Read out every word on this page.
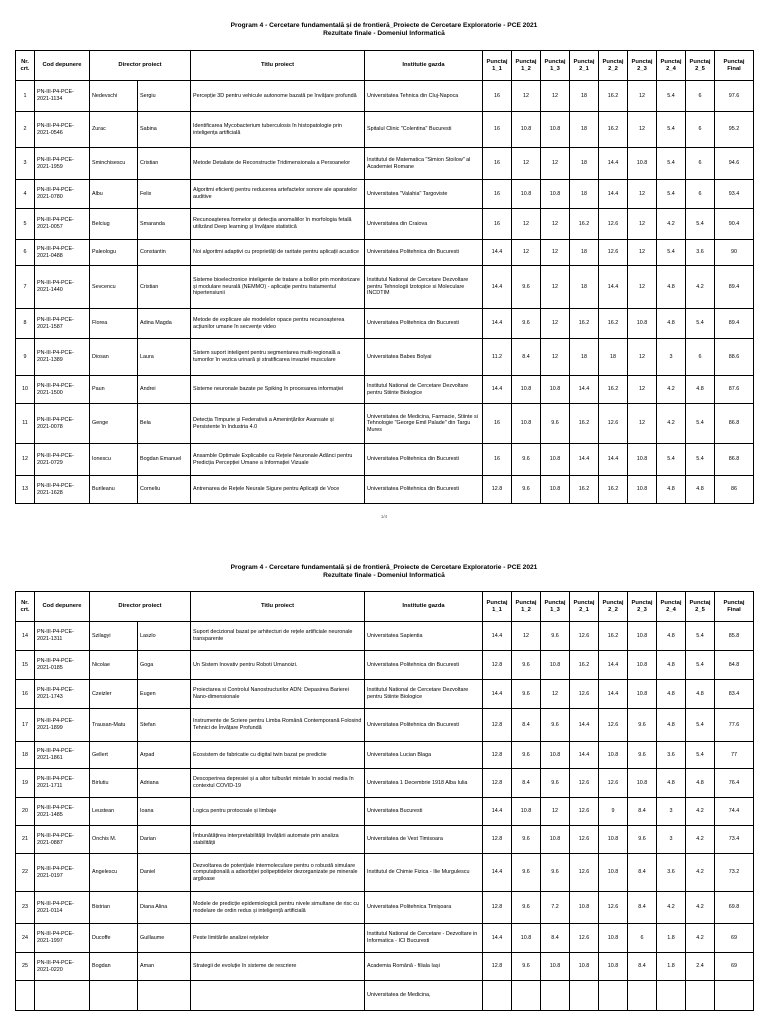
Program 4 - Cercetare fundamentală și de frontieră_Proiecte de Cercetare Exploratorie - PCE 2021
Rezultate finale - Domeniul Informatică
Nr. crt.	Cod depunere	Director proiect		Titlu proiect	Institutie gazda	Punctaj 1_1	Punctaj 1_2	Punctaj 1_3	Punctaj 2_1	Punctaj 2_2	Punctaj 2_3	Punctaj 2_4	Punctaj 2_5	Punctaj Final
1	PN-III-P4-PCE-2021-1134	Nedevschi	Sergiu	Percepție 3D pentru vehicule autonome bazată pe învățare profundă	Universitatea Tehnica din Cluj-Napoca	16	12	12	18	16.2	12	5.4	6	97.6
2	PN-III-P4-PCE-2021-0546	Zurac	Sabina	Identificarea Mycobacterium tuberculosis în histopatologie prin inteligența artificială	Spitalul Clinic "Colentina" Bucuresti	16	10.8	10.8	18	16.2	12	5.4	6	95.2
3	PN-III-P4-PCE-2021-1959	Sminchisescu	Cristian	Metode Detaliate de Reconstructie Tridimensionala a Persoanelor	Institutul de Matematica "Simion Stoilow" al Academiei Romane	16	12	12	18	14.4	10.8	5.4	6	94.6
4	PN-III-P4-PCE-2021-0780	Albu	Felix	Algoritmi eficienți pentru reducerea artefactelor sonore ale aparatelor auditive	Universitatea "Valahia" Targoviste	16	10.8	10.8	18	14.4	12	5.4	6	93.4
5	PN-III-P4-PCE-2021-0057	Belciug	Smaranda	Recunoașterea formelor și detecția anomaliilor în morfologia fetală utilizând Deep learning și învățare statistică	Universitatea din Craiova	16	12	12	16.2	12.6	12	4.2	5.4	90.4
6	PN-III-P4-PCE-2021-0488	Paleologu	Constantin	Noi algoritmi adaptivi cu proprietăți de raritate pentru aplicații acustice	Universitatea Politehnica din Bucuresti	14.4	12	12	18	12.6	12	5.4	3.6	90
7	PN-III-P4-PCE-2021-1440	Sevcencu	Cristian	Sisteme bioelectronice inteligente de tratare a bolilor prin monitorizare și modulare neurală (NEMMO) - aplicație pentru tratamentul hipertensiunii	Institutul National de Cercetare Dezvoltare pentru Tehnologii Izotopice si Moleculare INCDTIM	14.4	9.6	12	18	14.4	12	4.8	4.2	89.4
8	PN-III-P4-PCE-2021-1587	Florea	Adina Magda	Metode de explicare ale modelelor opace pentru recunoașterea acțiunilor umane în secvențe video	Universitatea Politehnica din Bucuresti	14.4	9.6	12	16.2	16.2	10.8	4.8	5.4	89.4
9	PN-III-P4-PCE-2021-1389	Diosan	Laura	Sistem suport inteligent pentru segmentarea multi-regională a tumorilor în vezica urinară și stratificarea invaziei musculare	Universitatea Babes Bolyai	11.2	8.4	12	18	18	12	3	6	88.6
10	PN-III-P4-PCE-2021-1500	Paun	Andrei	Sisteme neuronale bazate pe Spiking în procesarea informației	Institutul National de Cercetare Dezvoltare pentru Stiinte Biologice	14.4	10.8	10.8	14.4	16.2	12	4.2	4.8	87.6
11	PN-III-P4-PCE-2021-0078	Genge	Bela	Detecția Timpurie și Federativă a Amenințărilor Avansate și Persistente în Industria 4.0	Universitatea de Medicina, Farmacie, Stiinte si Tehnologie "George Emil Palade" din Targu Mures	16	10.8	9.6	16.2	12.6	12	4.2	5.4	86.8
12	PN-III-P4-PCE-2021-0729	Ionescu	Bogdan Emanuel	Ansamble Optimale Explicabile cu Rețele Neuronale Adânci pentru Predicția Percepției Umane a Informației Vizuale	Universitatea Politehnica din Bucuresti	16	9.6	10.8	14.4	14.4	10.8	5.4	5.4	86.8
13	PN-III-P4-PCE-2021-1628	Burileanu	Corneliu	Antrenarea de Rețele Neurale Sigure pentru Aplicații de Voce	Universitatea Politehnica din Bucuresti	12.8	9.6	10.8	16.2	16.2	10.8	4.8	4.8	86
1/4
Program 4 - Cercetare fundamentală și de frontieră_Proiecte de Cercetare Exploratorie - PCE 2021
Rezultate finale - Domeniul Informatică
Nr. crt.	Cod depunere	Director proiect		Titlu proiect	Institutie gazda	Punctaj 1_1	Punctaj 1_2	Punctaj 1_3	Punctaj 2_1	Punctaj 2_2	Punctaj 2_3	Punctaj 2_4	Punctaj 2_5	Punctaj Final
14	PN-III-P4-PCE-2021-1311	Szilagyi	Laszlo	Suport decizional bazat pe arhitecturi de rețele artificiale neuronale transparente	Universitatea Sapientia	14.4	12	9.6	12.6	16.2	10.8	4.8	5.4	85.8
15	PN-III-P4-PCE-2021-0185	Nicolae	Goga	Un Sistem Inovativ pentru Roboti Umanoizi.	Universitatea Politehnica din Bucuresti	12.8	9.6	10.8	16.2	14.4	10.8	4.8	5.4	84.8
16	PN-III-P4-PCE-2021-1743	Czeizler	Eugen	Proiectarea si Controlul Nanostructurilor ADN: Depasirea Barierei Nano-dimensionale	Institutul National de Cercetare Dezvoltare pentru Stiinte Biologice	14.4	9.6	12	12.6	14.4	10.8	4.8	4.8	83.4
17	PN-III-P4-PCE-2021-1899	Trausan-Matu	Stefan	Instrumente de Scriere pentru Limba Română Contemporană Folosind Tehnici de Învățare Profundă	Universitatea Politehnica din Bucuresti	12.8	8.4	9.6	14.4	12.6	9.6	4.8	5.4	77.6
18	PN-III-P4-PCE-2021-1861	Gellert	Arpad	Ecosistem de fabricatie cu digital twin bazat pe predictie	Universitatea Lucian Blaga	12.8	9.6	10.8	14.4	10.8	9.6	3.6	5.4	77
19	PN-III-P4-PCE-2021-1711	Birlutiu	Adriana	Descoperirea depresiei și a altor tulburări mintale în social media în contextul COVID-19	Universitatea 1 Decembrie 1918 Alba Iulia	12.8	8.4	9.6	12.6	12.6	10.8	4.8	4.8	76.4
20	PN-III-P4-PCE-2021-1485	Leustean	Ioana	Logica pentru protocoale și limbaje	Universitatea Bucuresti	14.4	10.8	12	12.6	9	8.4	3	4.2	74.4
21	PN-III-P4-PCE-2021-0887	Onchis M.	Darian	Îmbunătățirea interpretabilității învățării automate prin analiza stabilității	Universitatea de Vest Timisoara	12.8	9.6	10.8	12.6	10.8	9.6	3	4.2	73.4
22	PN-III-P4-PCE-2021-0197	Angelescu	Daniel	Dezvoltarea de potențiale intermoleculare pentru o robustă simulare computațională a adsorbției polipeptidelor dezorganizate pe minerale argiloase	Institutul de Chimie Fizica - Ilie Murgulescu	14.4	9.6	9.6	12.6	10.8	8.4	3.6	4.2	73.2
23	PN-III-P4-PCE-2021-0114	Bistrian	Diana Alina	Modele de predicție epidemiologică pentru nivele simultane de risc cu modelare de ordin redus și inteligență artificială	Universitatea Politehnica Timișoara	12.8	9.6	7.2	10.8	12.6	8.4	4.2	4.2	69.8
24	PN-III-P4-PCE-2021-1997	Ducoffe	Guillaume	Peste limitările analizei rețelelor	Institutul National de Cercetare - Dezvoltare in Informatica - ICI Bucuresti	14.4	10.8	8.4	12.6	10.8	6	1.8	4.2	69
25	PN-III-P4-PCE-2021-0220	Bogdan	Aman	Strategii de evoluție în sisteme de rescriere	Academia Română - filiala Iași	12.8	9.6	10.8	10.8	10.8	8.4	1.8	2.4	69
					Universitatea de Medicina,									
